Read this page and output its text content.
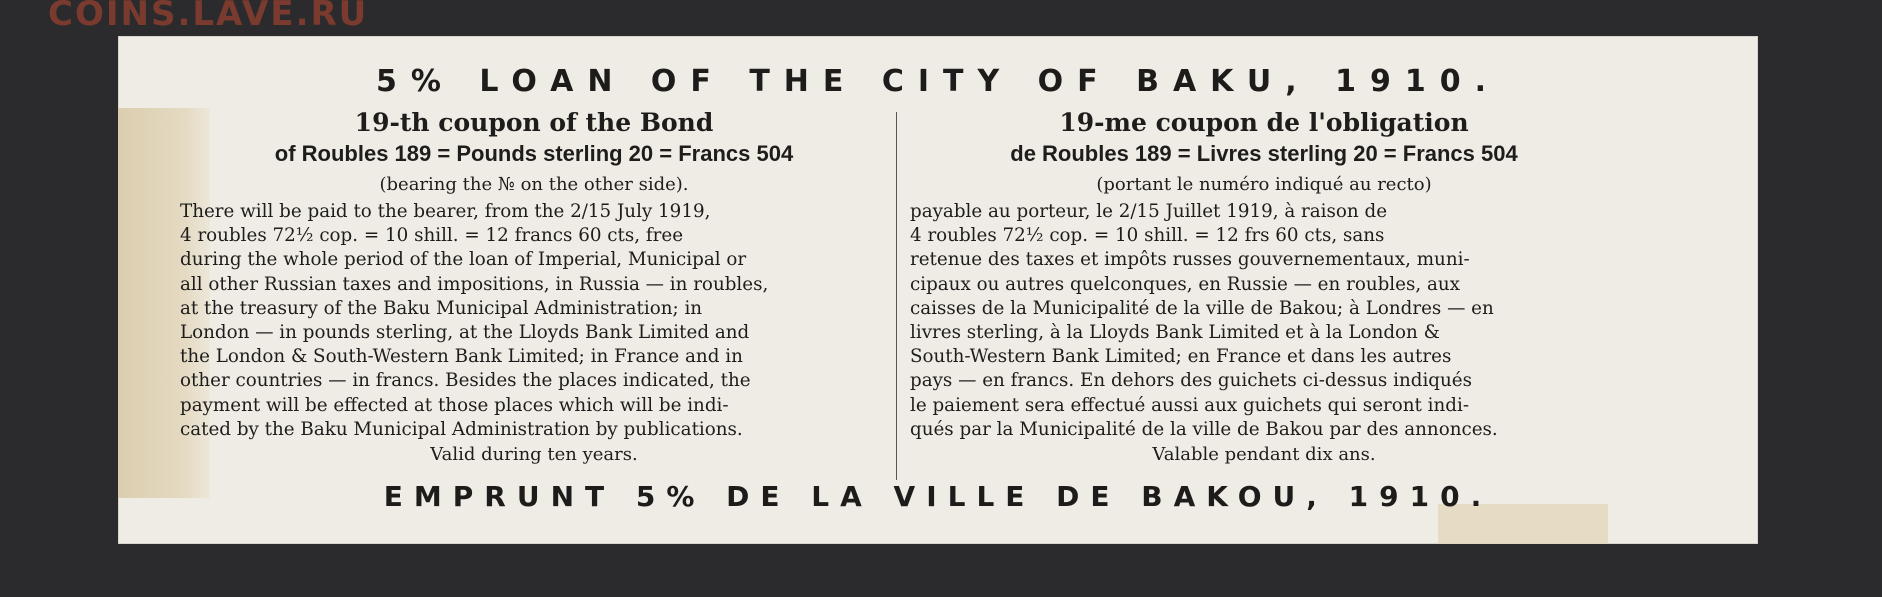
COINS.LAVE.RU
5% LOAN OF THE CITY OF BAKU, 1910.
19-th coupon of the Bond
of Roubles 189 = Pounds sterling 20 = Francs 504
(bearing the № on the other side).

There will be paid to the bearer, from the 2/15 July 1919,

4 roubles 72½ cop. = 10 shill. = 12 francs 60 cts, free

during the whole period of the loan of Imperial, Municipal or

all other Russian taxes and impositions, in Russia — in roubles,

at the treasury of the Baku Municipal Administration; in

London — in pounds sterling, at the Lloyds Bank Limited and

the London & South-Western Bank Limited; in France and in

other countries — in francs. Besides the places indicated, the

payment will be effected at those places which will be indi-

cated by the Baku Municipal Administration by publications.

Valid during ten years.
19-me coupon de l'obligation
de Roubles 189 = Livres sterling 20 = Francs 504
(portant le numéro indiqué au recto)

payable au porteur, le 2/15 Juillet 1919, à raison de

4 roubles 72½ cop. = 10 shill. = 12 frs 60 cts, sans

retenue des taxes et impôts russes gouvernementaux, muni-

cipaux ou autres quelconques, en Russie — en roubles, aux

caisses de la Municipalité de la ville de Bakou; à Londres — en

livres sterling, à la Lloyds Bank Limited et à la London &

South-Western Bank Limited; en France et dans les autres

pays — en francs. En dehors des guichets ci-dessus indiqués

le paiement sera effectué aussi aux guichets qui seront indi-

qués par la Municipalité de la ville de Bakou par des annonces.

Valable pendant dix ans.
EMPRUNT 5% DE LA VILLE DE BAKOU, 1910.
